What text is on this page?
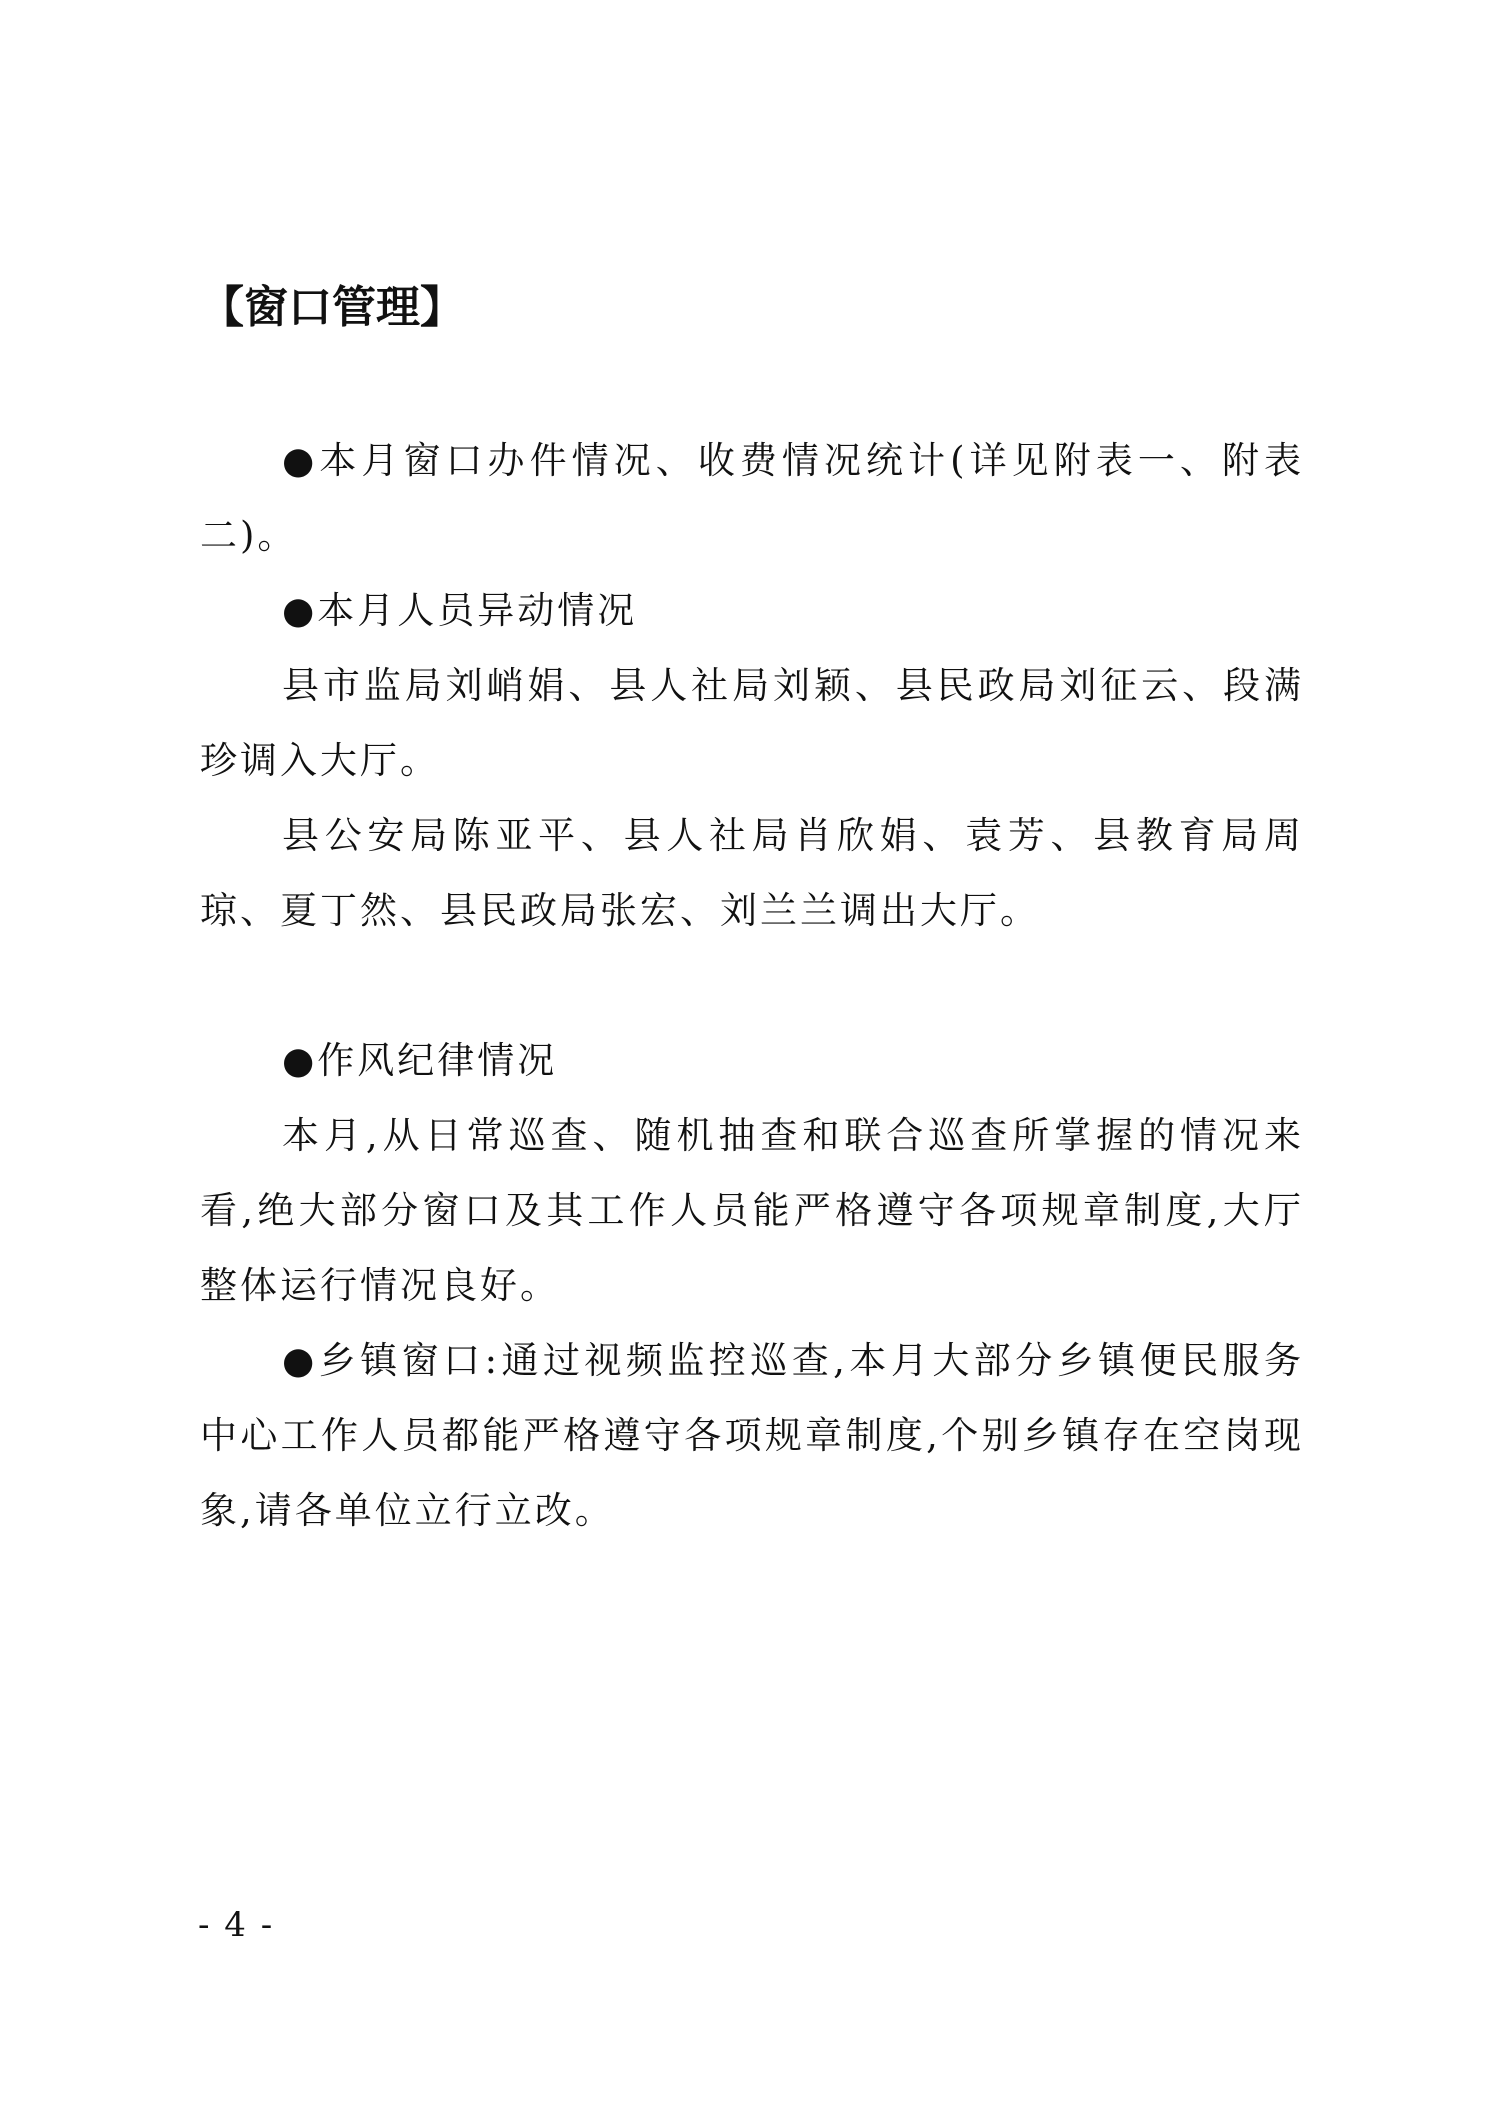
【窗口管理】

●本月窗口办件情况、收费情况统计(详见附表一、附表二)。

●本月人员异动情况

县市监局刘峭娟、县人社局刘颖、县民政局刘征云、段满珍调入大厅。

县公安局陈亚平、县人社局肖欣娟、袁芳、县教育局周琼、夏丁然、县民政局张宏、刘兰兰调出大厅。

●作风纪律情况

本月,从日常巡查、随机抽查和联合巡查所掌握的情况来看,绝大部分窗口及其工作人员能严格遵守各项规章制度,大厅整体运行情况良好。

●乡镇窗口:通过视频监控巡查,本月大部分乡镇便民服务中心工作人员都能严格遵守各项规章制度,个别乡镇存在空岗现象,请各单位立行立改。

- 4 -
